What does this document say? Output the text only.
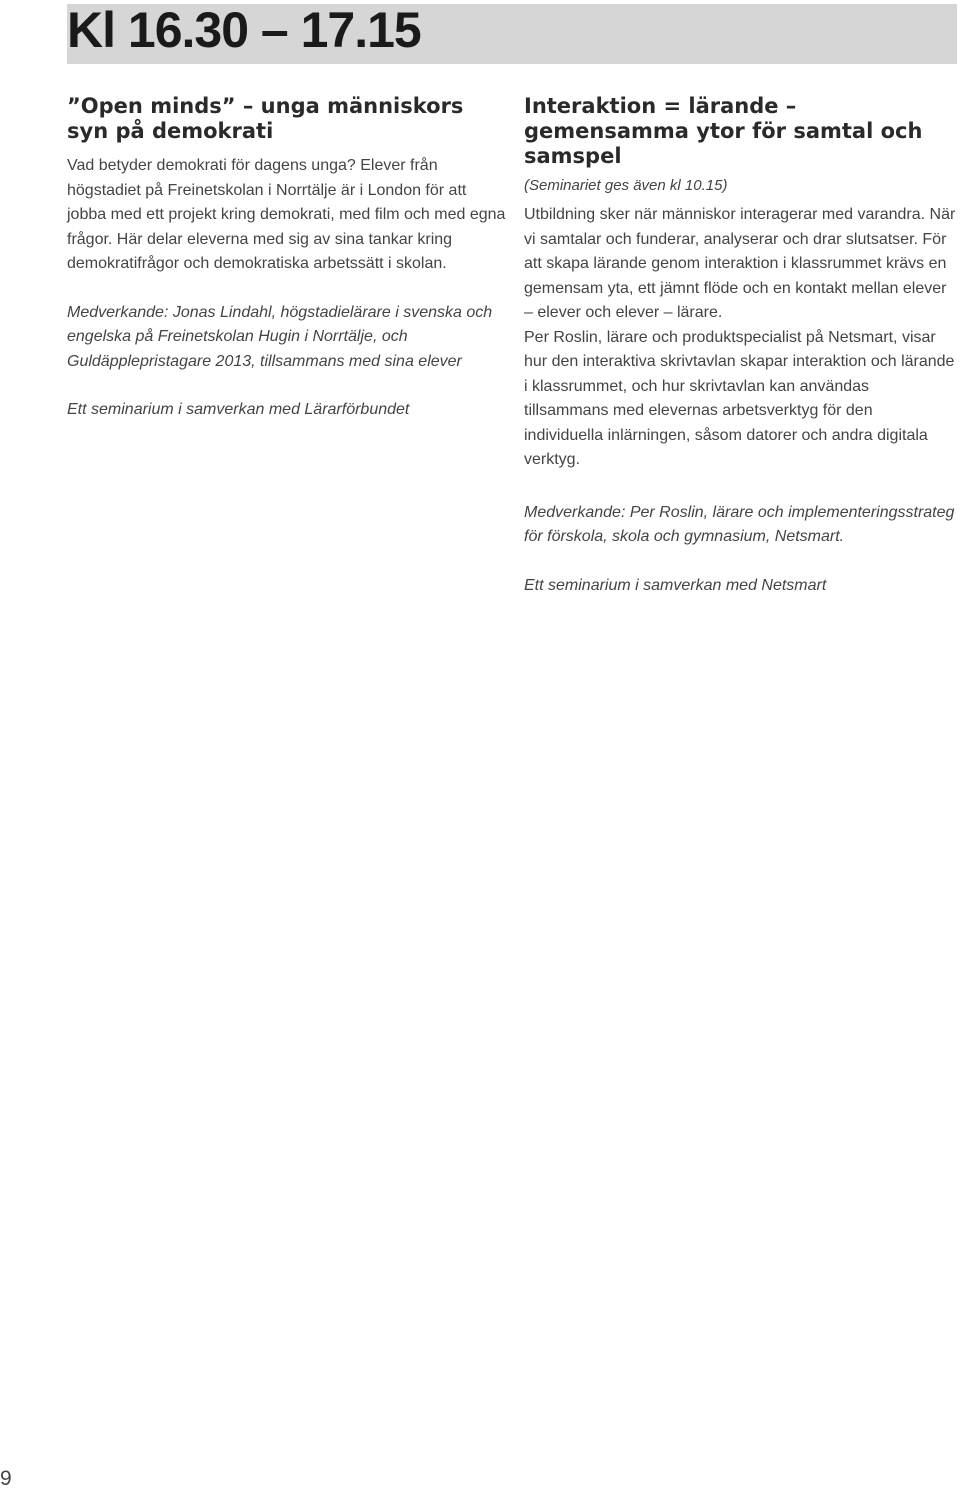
Kl 16.30 – 17.15
”Open minds” – unga människors syn på demokrati

Vad betyder demokrati för dagens unga? Elever från högstadiet på Freinetskolan i Norrtälje är i London för att jobba med ett projekt kring demokrati, med film och med egna frågor. Här delar eleverna med sig av sina tankar kring demokratifrågor och demokratiska arbetssätt i skolan.

Medverkande: Jonas Lindahl, högstadielärare i svenska och engelska på Freinetskolan Hugin i Norrtälje, och Guldäpplepristagare 2013, tillsammans med sina elever

Ett seminarium i samverkan med Lärarförbundet

Interaktion = lärande – gemensamma ytor för samtal och samspel

(Seminariet ges även kl 10.15)

Utbildning sker när människor interagerar med varandra. När vi samtalar och funderar, analyserar och drar slutsatser. För att skapa lärande genom interaktion i klassrummet krävs en gemensam yta, ett jämnt flöde och en kontakt mellan elever – elever och elever – lärare.

Per Roslin, lärare och produktspecialist på Netsmart, visar hur den interaktiva skrivtavlan skapar interaktion och lärande i klassrummet, och hur skrivtavlan kan användas tillsammans med elevernas arbetsverktyg för den individuella inlärningen, såsom datorer och andra digitala verktyg.

Medverkande: Per Roslin, lärare och implementeringsstrateg för förskola, skola och gymnasium, Netsmart.

Ett seminarium i samverkan med Netsmart

9
